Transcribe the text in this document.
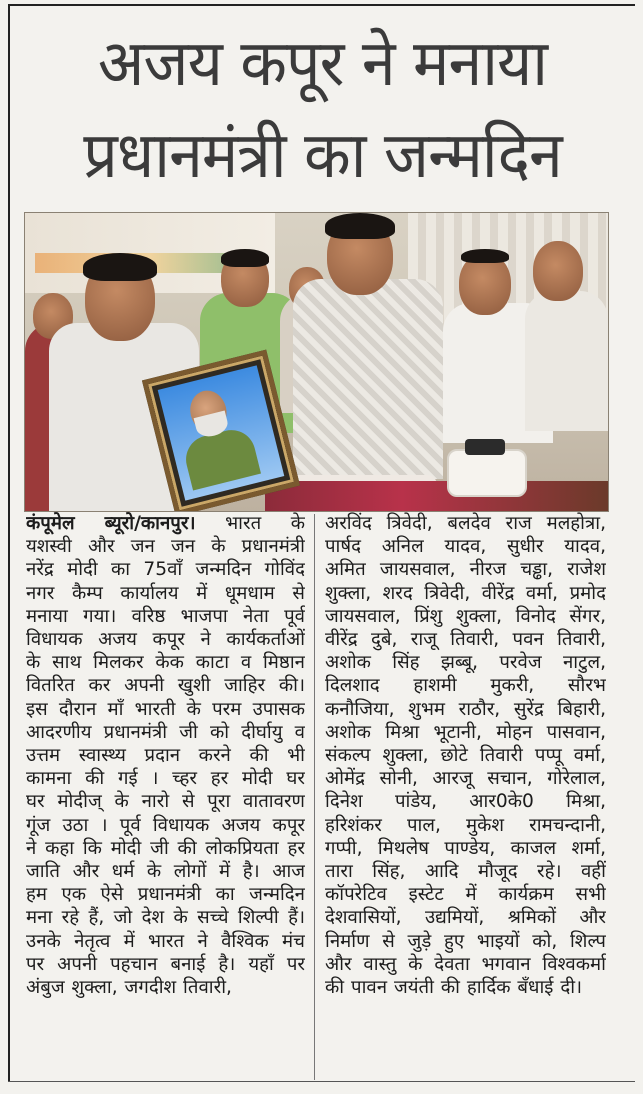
अजय कपूर ने मनाया
प्रधानमंत्री का जन्मदिन
कंपूमेल ब्यूरो/कानपुर। भारत के
यशस्वी और जन जन के प्रधानमंत्री
नरेंद्र मोदी का 75वाँ जन्मदिन गोविंद
नगर कैम्प कार्यालय में धूमधाम से
मनाया गया। वरिष्ठ भाजपा नेता पूर्व
विधायक अजय कपूर ने कार्यकर्ताओं
के साथ मिलकर केक काटा व मिष्ठान
वितरित कर अपनी खुशी जाहिर की।
इस दौरान माँ भारती के परम उपासक
आदरणीय प्रधानमंत्री जी को दीर्घायु व
उत्तम स्वास्थ्य प्रदान करने की भी
कामना की गई । च्हर हर मोदी घर
घर मोदीज् के नारो से पूरा वातावरण
गूंज उठा । पूर्व विधायक अजय कपूर
ने कहा कि मोदी जी की लोकप्रियता हर
जाति और धर्म के लोगों में है। आज
हम एक ऐसे प्रधानमंत्री का जन्मदिन
मना रहे हैं, जो देश के सच्चे शिल्पी हैं।
उनके नेतृत्व में भारत ने वैश्विक मंच
पर अपनी पहचान बनाई है। यहाँ पर
अंबुज शुक्ला, जगदीश तिवारी,
अरविंद त्रिवेदी, बलदेव राज मलहोत्रा,
पार्षद अनिल यादव, सुधीर यादव,
अमित जायसवाल, नीरज चड्ढा, राजेश
शुक्ला, शरद त्रिवेदी, वीरेंद्र वर्मा, प्रमोद
जायसवाल, प्रिंशु शुक्ला, विनोद सेंगर,
वीरेंद्र दुबे, राजू तिवारी, पवन तिवारी,
अशोक सिंह झब्बू, परवेज नाटुल,
दिलशाद हाशमी मुकरी, सौरभ
कनौजिया, शुभम राठौर, सुरेंद्र बिहारी,
अशोक मिश्रा भूटानी, मोहन पासवान,
संकल्प शुक्ला, छोटे तिवारी पप्पू वर्मा,
ओमेंद्र सोनी, आरजू सचान, गोरेलाल,
दिनेश पांडेय, आर0के0 मिश्रा,
हरिशंकर पाल, मुकेश रामचन्दानी,
गप्पी, मिथलेष पाण्डेय, काजल शर्मा,
तारा सिंह, आदि मौजूद रहे। वहीं
कॉपरेटिव इस्टेट में कार्यक्रम सभी
देशवासियों, उद्यमियों, श्रमिकों और
निर्माण से जुड़े हुए भाइयों को, शिल्प
और वास्तु के देवता भगवान विश्वकर्मा
की पावन जयंती की हार्दिक बँधाई दी।
